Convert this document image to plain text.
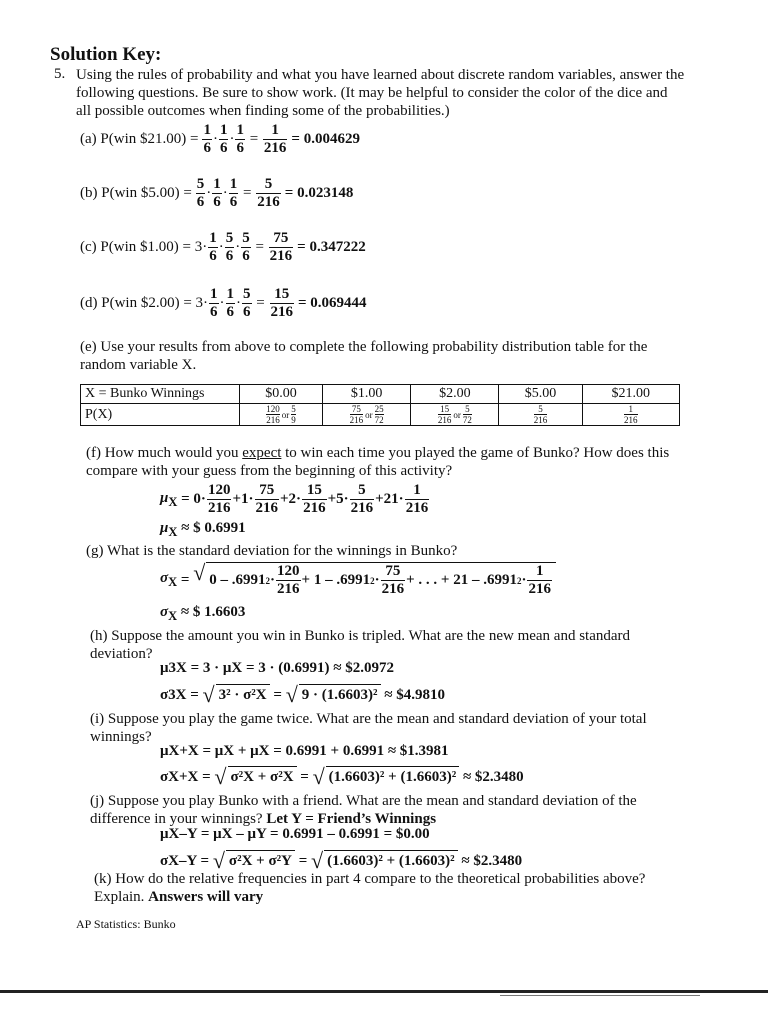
Solution Key:
5. Using the rules of probability and what you have learned about discrete random variables, answer the following questions. Be sure to show work. (It may be helpful to consider the color of the dice and all possible outcomes when finding some of the probabilities.)
(a) P(win $21.00) = $\frac{1}{6} \cdot \frac{1}{6} \cdot \frac{1}{6} = \frac{1}{216} = 0.004629$
(b) P(win $5.00) = $\frac{5}{6} \cdot \frac{1}{6} \cdot \frac{1}{6} = \frac{5}{216} = 0.023148$
(c) P(win $1.00) = $3\cdot \frac{1}{6} \cdot \frac{5}{6} \cdot \frac{5}{6} = \frac{75}{216} = 0.347222$
(d) P(win $2.00) = $3\cdot \frac{1}{6} \cdot \frac{1}{6} \cdot \frac{5}{6} = \frac{15}{216} = 0.069444$
(e) Use your results from above to complete the following probability distribution table for the random variable X.
X = Bunko Winnings	$0.00	$1.00	$2.00	$5.00	$21.00
P(X)	$\frac{120}{216}$ or $\frac{5}{9}$	$\frac{75}{216}$ or $\frac{25}{72}$	$\frac{15}{216}$ or $\frac{5}{72}$	$\frac{5}{216}$	$\frac{1}{216}$
(f) How much would you expect to win each time you played the game of Bunko? How does this compare with your guess from the beginning of this activity?
$\mu_X$
= $0\cdot \frac{120}{216} +1\cdot \frac{75}{216} +2\cdot \frac{15}{216} +5\cdot \frac{5}{216} +21\cdot \frac{1}{216}$
$\mu_X$ ≈ $ 0.6991
(g) What is the standard deviation for the winnings in Bunko?
$\sigma_X$ = √ 0 – .6991 $2 \cdot \frac{120}{216} + 1 - .6991$ $2 \cdot \frac{75}{216}$ + . . . + 21 – .6991 $2 \cdot \frac{1}{216}$
$\sigma_X$ ≈ $ 1.6603
(h) Suppose the amount you win in Bunko is tripled. What are the new mean and standard deviation?
μ3X = 3 · μX = 3 · (0.6991) ≈ $2.0972
σ3X =
√ 3² · σ²X
=
√ 9 · (1.6603)²
≈ $4.9810
(i) Suppose you play the game twice. What are the mean and standard deviation of your total winnings?
μX+X = μX + μX = 0.6991 + 0.6991 ≈ $1.3981
σX+X =
√ σ²X + σ²X
=
√ (1.6603)² + (1.6603)²
≈ $2.3480
(j) Suppose you play Bunko with a friend. What are the mean and standard deviation of the difference in your winnings? Let Y = Friend’s Winnings
μX–Y = μX – μY = 0.6991 – 0.6991 = $0.00
σX–Y =
√ σ²X + σ²Y
=
√ (1.6603)² + (1.6603)²
≈ $2.3480
(k) How do the relative frequencies in part 4 compare to the theoretical probabilities above? Explain. Answers will vary
AP Statistics: Bunko
